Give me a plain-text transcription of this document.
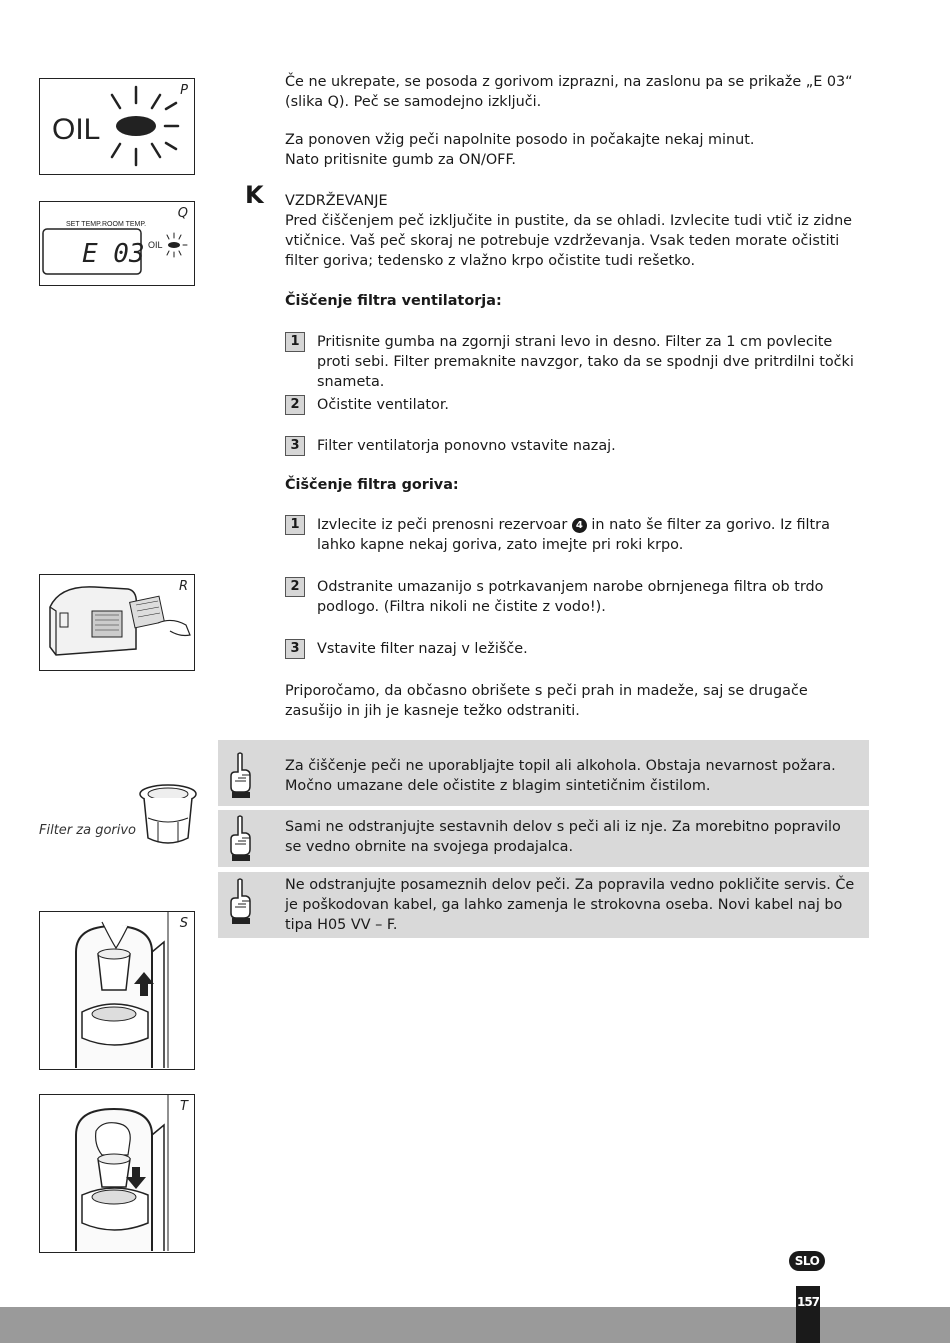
P
OIL
Q
SET TEMP. ROOM TEMP.
E 03 OIL
R
Filter za gorivo
S
T
Če ne ukrepate, se posoda z gorivom izprazni, na zaslonu pa se prikaže „E 03“ (slika Q). Peč se samodejno izključi.
Za ponoven vžig peči napolnite posodo in počakajte nekaj minut.
Nato pritisnite gumb za ON/OFF.
K VZDRŽEVANJE
Pred čiščenjem peč izključite in pustite, da se ohladi. Izvlecite tudi vtič iz zidne vtičnice. Vaš peč skoraj ne potrebuje vzdrževanja. Vsak teden morate očistiti filter goriva; tedensko z vlažno krpo očistite tudi rešetko.
Čiščenje filtra ventilatorja:
1	Pritisnite gumba na zgornji strani levo in desno. Filter za 1 cm povlecite proti sebi. Filter premaknite navzgor, tako da se spodnji dve pritrdilni točki snameta.
2	Očistite ventilator.
3	Filter ventilatorja ponovno vstavite nazaj.
Čiščenje filtra goriva:
1	Izvlecite iz peči prenosni rezervoar 4 in nato še filter za gorivo. Iz filtra lahko kapne nekaj goriva, zato imejte pri roki krpo.
2	Odstranite umazanijo s potrkavanjem narobe obrnjenega filtra ob trdo podlogo. (Filtra nikoli ne čistite z vodo!).
3	Vstavite filter nazaj v ležišče.
Priporočamo, da občasno obrišete s peči prah in madeže, saj se drugače zasušijo in jih je kasneje težko odstraniti.
Za čiščenje peči ne uporabljajte topil ali alkohola. Obstaja nevarnost požara. Močno umazane dele očistite z blagim sintetičnim čistilom.
Sami ne odstranjujte sestavnih delov s peči ali iz nje. Za morebitno popravilo se vedno obrnite na svojega prodajalca.
Ne odstranjujte posameznih delov peči. Za popravila vedno pokličite servis. Če je poškodovan kabel, ga lahko zamenja le strokovna oseba. Novi kabel naj bo tipa H05 VV – F.
SLO
157
